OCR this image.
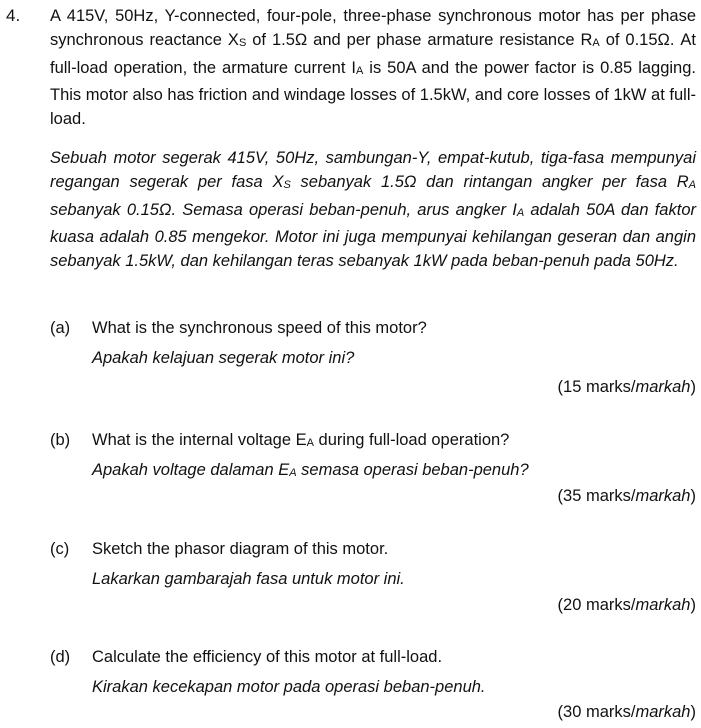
4. A 415V, 50Hz, Y-connected, four-pole, three-phase synchronous motor has per phase synchronous reactance XS of 1.5Ω and per phase armature resistance RA of 0.15Ω. At full-load operation, the armature current IA is 50A and the power factor is 0.85 lagging. This motor also has friction and windage losses of 1.5kW, and core losses of 1kW at full-load.
Sebuah motor segerak 415V, 50Hz, sambungan-Y, empat-kutub, tiga-fasa mempunyai regangan segerak per fasa XS sebanyak 1.5Ω dan rintangan angker per fasa RA sebanyak 0.15Ω. Semasa operasi beban-penuh, arus angker IA adalah 50A dan faktor kuasa adalah 0.85 mengekor. Motor ini juga mempunyai kehilangan geseran dan angin sebanyak 1.5kW, dan kehilangan teras sebanyak 1kW pada beban-penuh pada 50Hz.
(a)	What is the synchronous speed of this motor?
Apakah kelajuan segerak motor ini?
(15 marks/markah)
(b)	What is the internal voltage EA during full-load operation?
Apakah voltage dalaman EA semasa operasi beban-penuh?
(35 marks/markah)
(c)	Sketch the phasor diagram of this motor.
Lakarkan gambarajah fasa untuk motor ini.
(20 marks/markah)
(d)	Calculate the efficiency of this motor at full-load.
Kirakan kecekapan motor pada operasi beban-penuh.
(30 marks/markah)
